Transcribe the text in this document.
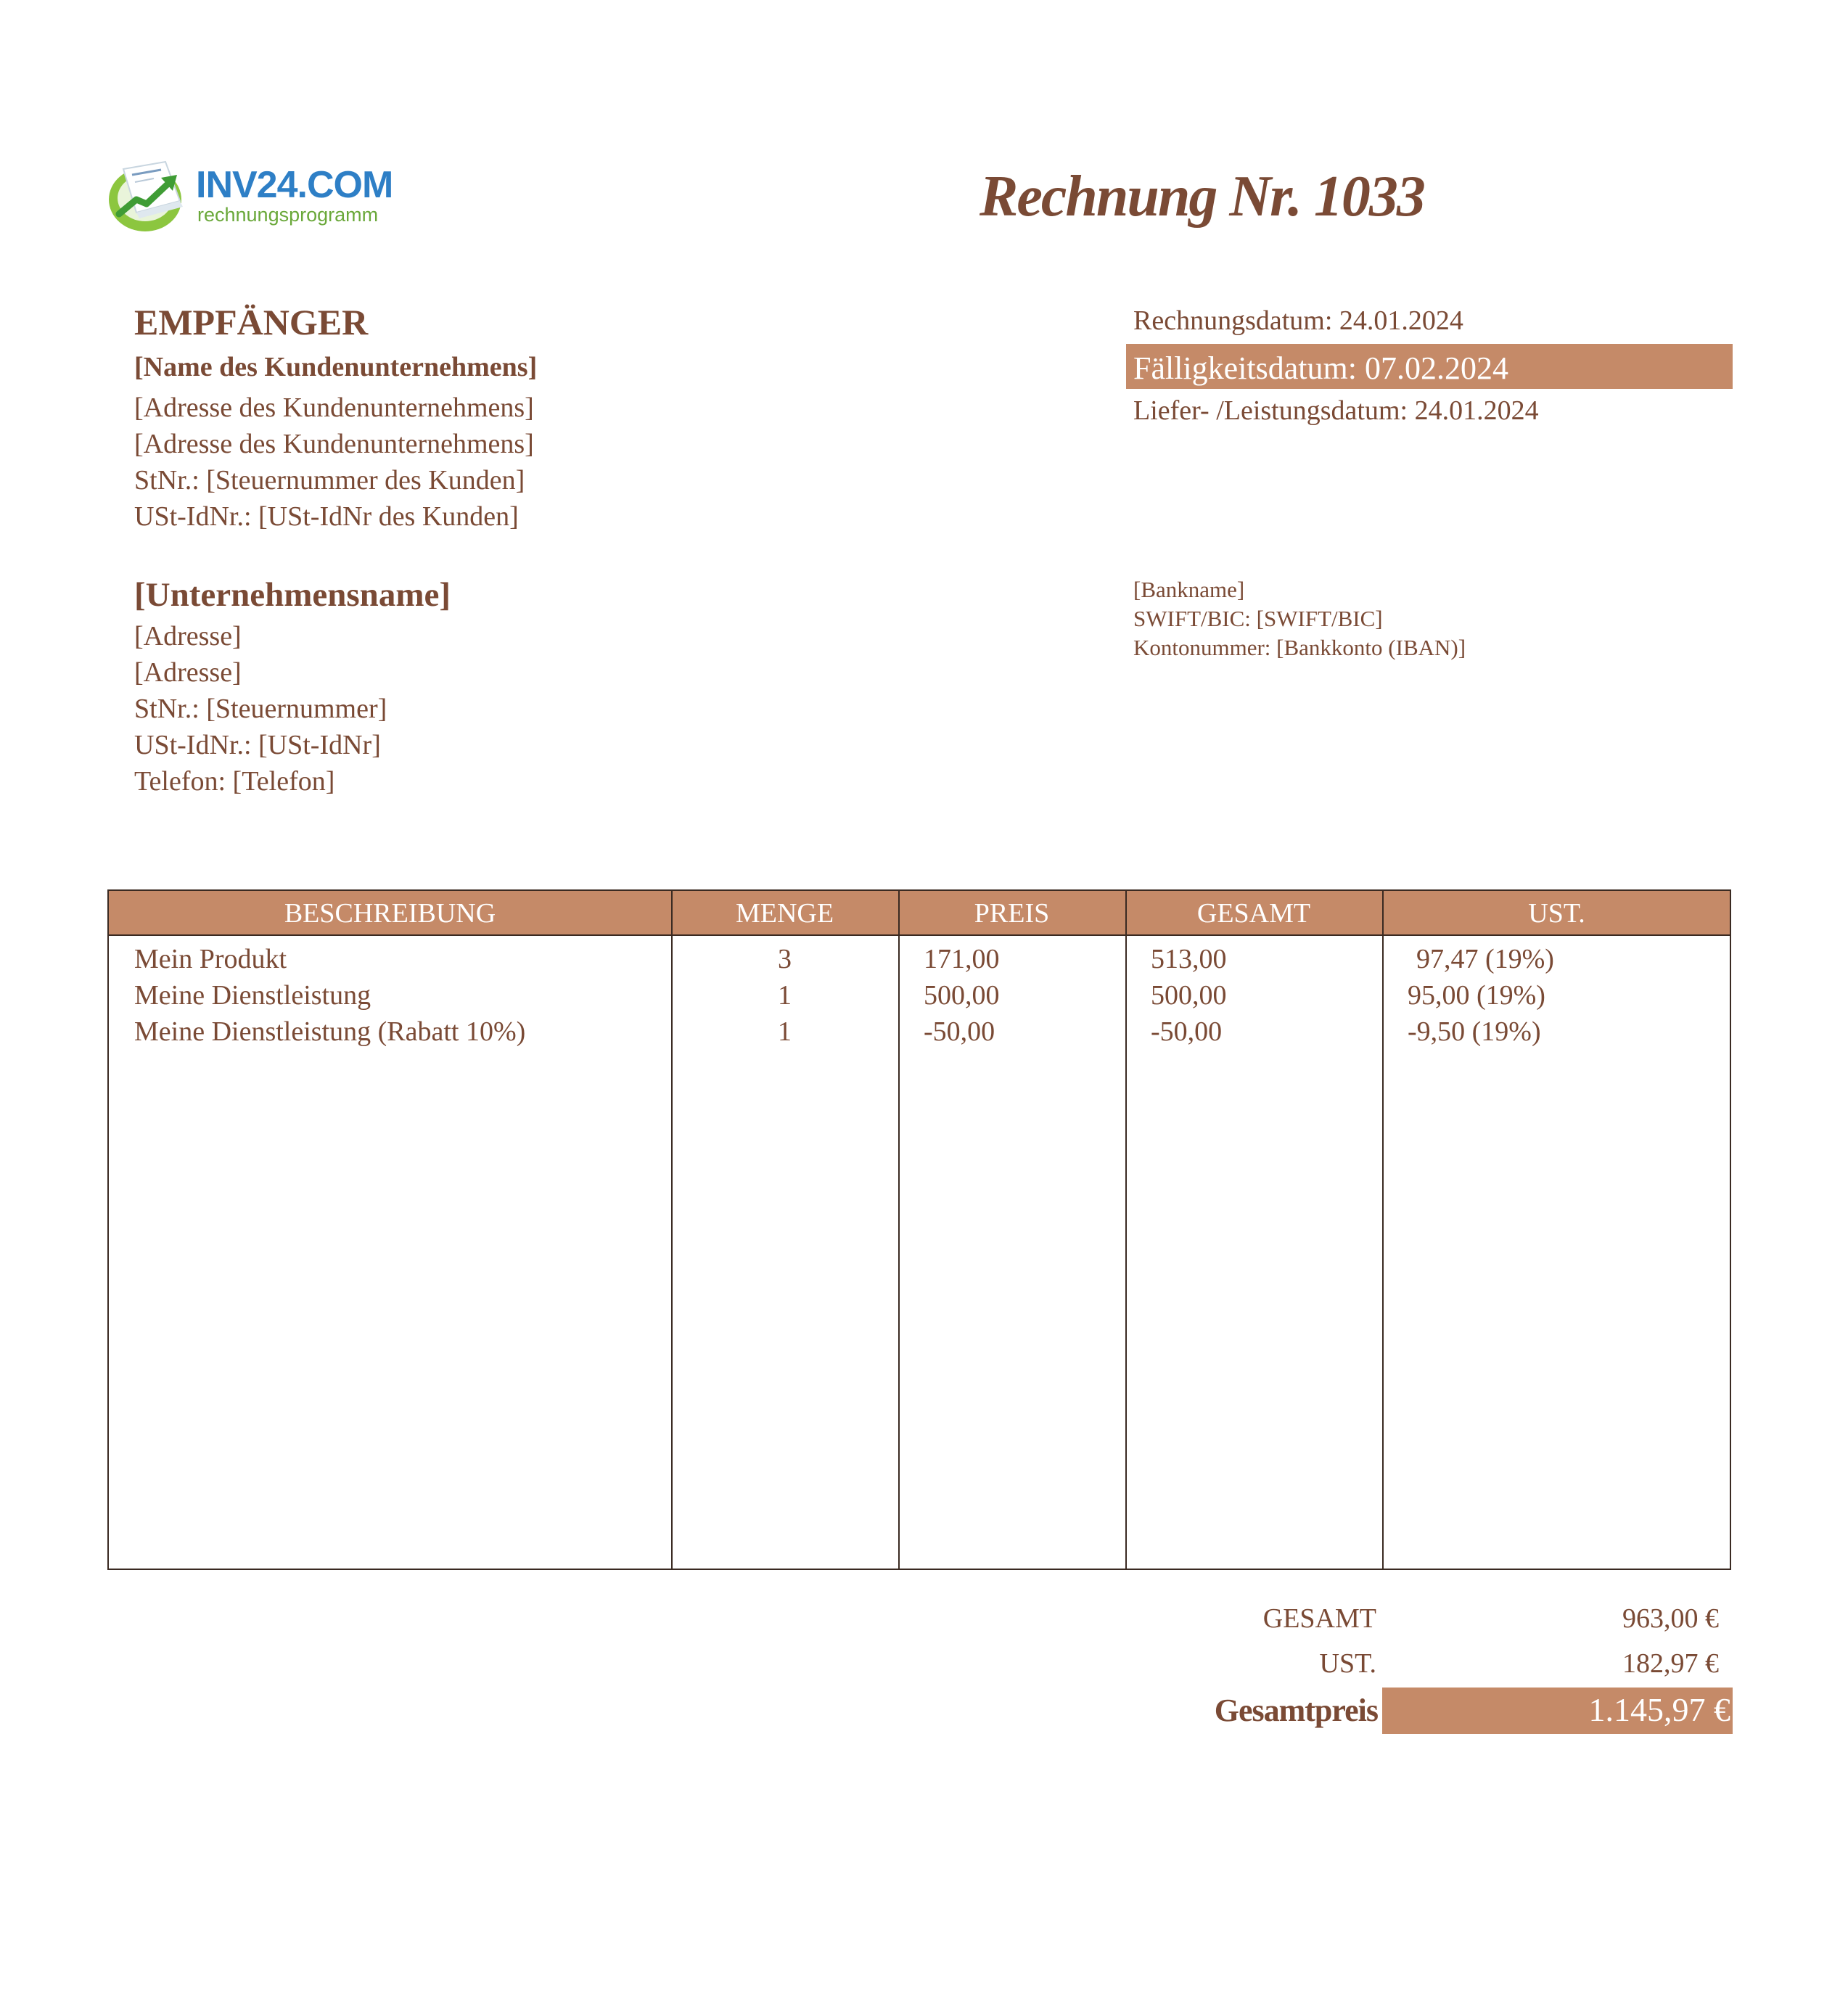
INV24.COM
rechnungsprogramm	Rechnung Nr. 1033
EMPFÄNGER
[Name des Kundenunternehmens]
[Adresse des Kundenunternehmens]
[Adresse des Kundenunternehmens]
StNr.: [Steuernummer des Kunden]
USt-IdNr.: [USt-IdNr des Kunden]
[Unternehmensname]
[Adresse]
[Adresse]
StNr.: [Steuernummer]
USt-IdNr.: [USt-IdNr]
Telefon: [Telefon]
Rechnungsdatum: 24.01.2024
Fälligkeitsdatum: 07.02.2024
Liefer- /Leistungsdatum: 24.01.2024
[Bankname]
SWIFT/BIC: [SWIFT/BIC]
Kontonummer: [Bankkonto (IBAN)]
BESCHREIBUNG	MENGE	PREIS	GESAMT	UST.
Mein Produkt	3	171,00	513,00	97,47 (19%)
Meine Dienstleistung	1	500,00	500,00	95,00 (19%)
Meine Dienstleistung (Rabatt 10%)	1	-50,00	-50,00	-9,50 (19%)
GESAMT	963,00 €
UST.	182,97 €
Gesamtpreis	1.145,97 €
